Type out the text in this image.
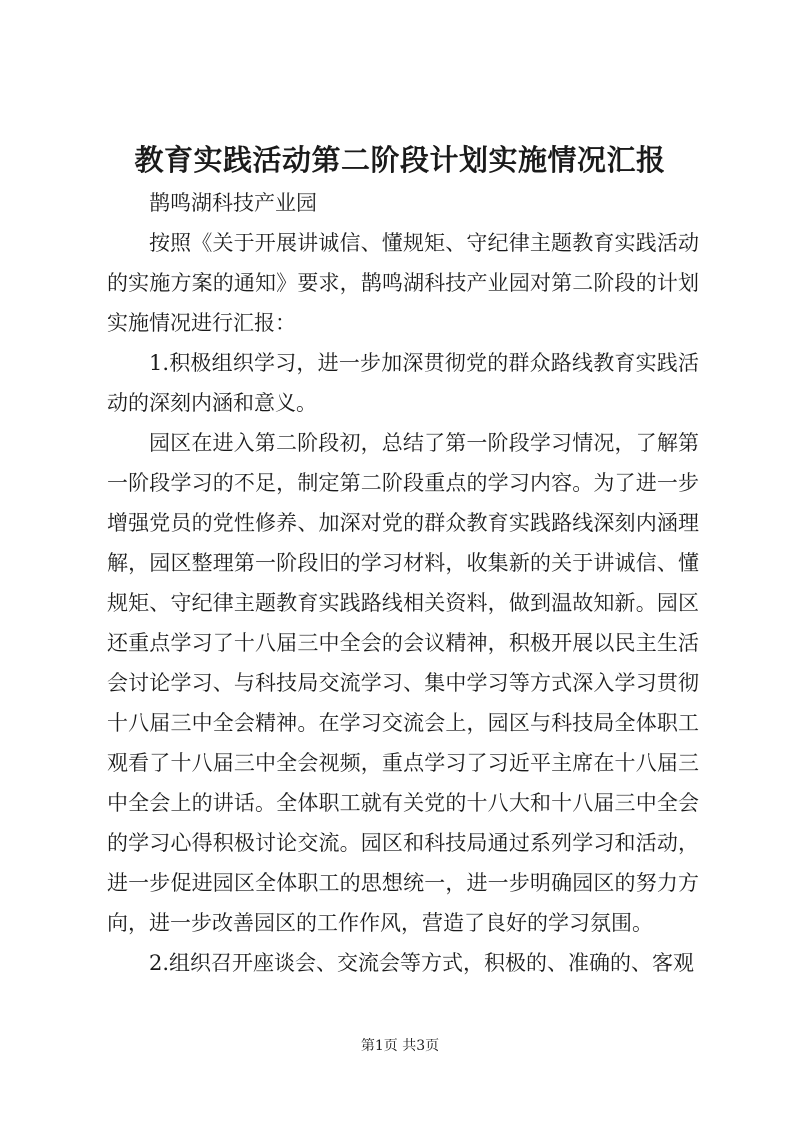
教育实践活动第二阶段计划实施情况汇报

鹊鸣湖科技产业园

按照《关于开展讲诚信、懂规矩、守纪律主题教育实践活动的实施方案的通知》要求，鹊鸣湖科技产业园对第二阶段的计划实施情况进行汇报：

1.积极组织学习，进一步加深贯彻党的群众路线教育实践活动的深刻内涵和意义。

园区在进入第二阶段初，总结了第一阶段学习情况，了解第一阶段学习的不足，制定第二阶段重点的学习内容。为了进一步增强党员的党性修养、加深对党的群众教育实践路线深刻内涵理解，园区整理第一阶段旧的学习材料，收集新的关于讲诚信、懂规矩、守纪律主题教育实践路线相关资料，做到温故知新。园区还重点学习了十八届三中全会的会议精神，积极开展以民主生活会讨论学习、与科技局交流学习、集中学习等方式深入学习贯彻十八届三中全会精神。在学习交流会上，园区与科技局全体职工观看了十八届三中全会视频，重点学习了习近平主席在十八届三中全会上的讲话。全体职工就有关党的十八大和十八届三中全会的学习心得积极讨论交流。园区和科技局通过系列学习和活动，进一步促进园区全体职工的思想统一，进一步明确园区的努力方向，进一步改善园区的工作作风，营造了良好的学习氛围。

2.组织召开座谈会、交流会等方式，积极的、准确的、客观

第1页 共3页
